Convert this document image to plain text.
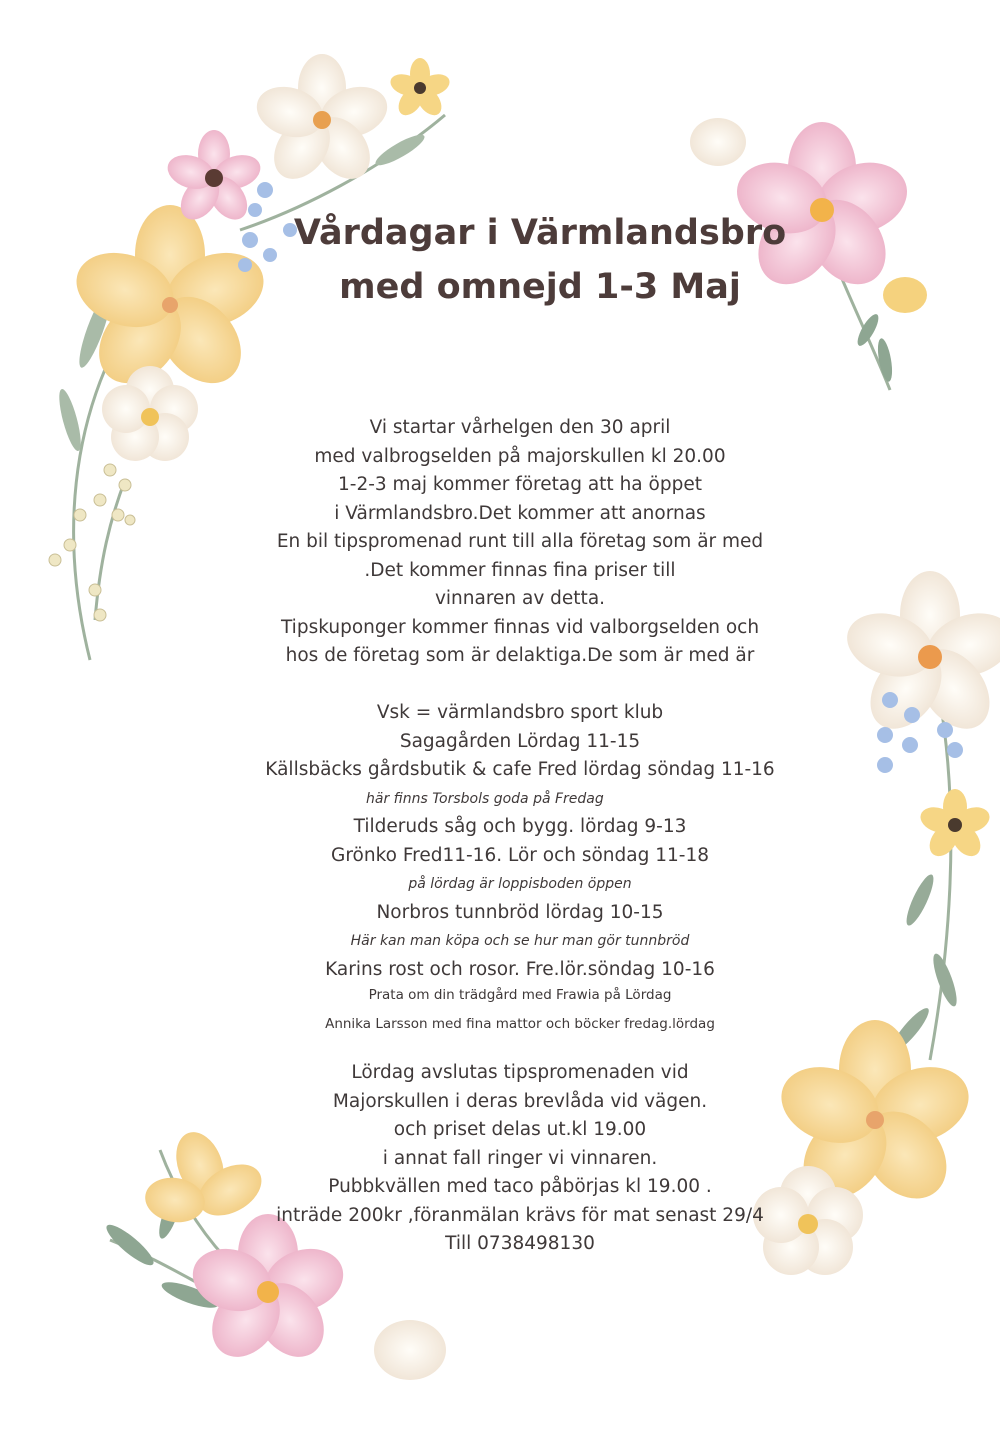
Vårdagar i Värmlandsbro
med omnejd 1-3 Maj
Vi startar vårhelgen den 30 april
med valbrogselden på majorskullen kl 20.00
1-2-3 maj kommer företag att ha öppet
i Värmlandsbro.Det kommer att anornas
En bil tipspromenad runt till alla företag som är med
.Det kommer finnas fina priser till
vinnaren av detta.
Tipskuponger kommer finnas vid valborgselden och
hos de företag som är delaktiga.De som är med är
Vsk = värmlandsbro sport klub
Sagagården Lördag 11-15
Källsbäcks gårdsbutik & cafe Fred lördag söndag 11-16
här finns Torsbols goda på Fredag
Tilderuds såg och bygg. lördag 9-13
Grönko Fred11-16. Lör och söndag 11-18
på lördag är loppisboden öppen
Norbros tunnbröd lördag 10-15
Här kan man köpa och se hur man gör tunnbröd
Karins rost och rosor. Fre.lör.söndag 10-16
Prata om din trädgård med Frawia på Lördag
Annika Larsson med fina mattor och böcker fredag.lördag
Lördag avslutas tipspromenaden vid
Majorskullen i deras brevlåda vid vägen.
och priset delas ut.kl 19.00
i annat fall ringer vi vinnaren.
Pubbkvällen med taco påbörjas kl 19.00 .
inträde 200kr ,föranmälan krävs för mat senast 29/4
Till 0738498130
